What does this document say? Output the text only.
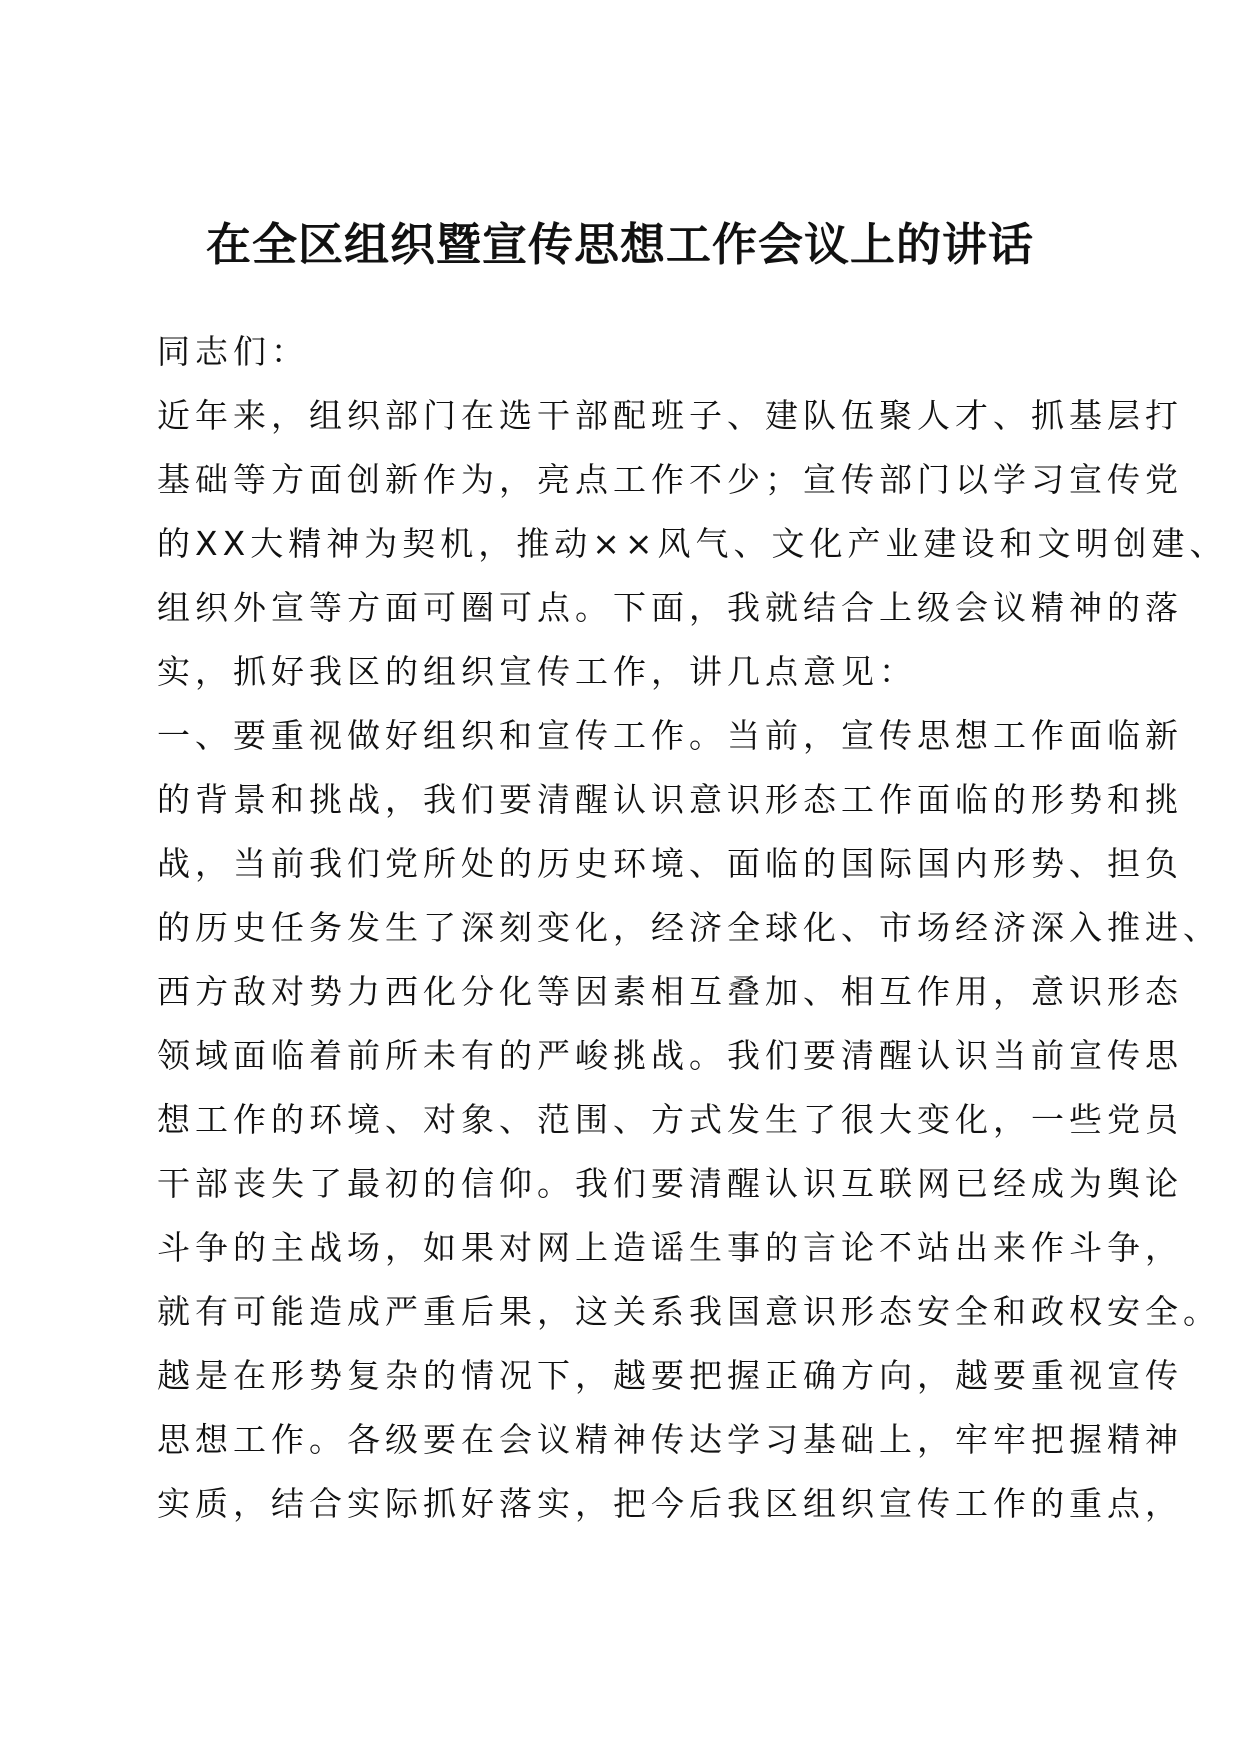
在全区组织暨宣传思想工作会议上的讲话
同志们：
近年来，组织部门在选干部配班子、建队伍聚人才、抓基层打
基础等方面创新作为，亮点工作不少；宣传部门以学习宣传党
的XX大精神为契机，推动××风气、文化产业建设和文明创建、
组织外宣等方面可圈可点。下面，我就结合上级会议精神的落
实，抓好我区的组织宣传工作，讲几点意见：
一、要重视做好组织和宣传工作。当前，宣传思想工作面临新
的背景和挑战，我们要清醒认识意识形态工作面临的形势和挑
战，当前我们党所处的历史环境、面临的国际国内形势、担负
的历史任务发生了深刻变化，经济全球化、市场经济深入推进、
西方敌对势力西化分化等因素相互叠加、相互作用，意识形态
领域面临着前所未有的严峻挑战。我们要清醒认识当前宣传思
想工作的环境、对象、范围、方式发生了很大变化，一些党员
干部丧失了最初的信仰。我们要清醒认识互联网已经成为舆论
斗争的主战场，如果对网上造谣生事的言论不站出来作斗争，
就有可能造成严重后果，这关系我国意识形态安全和政权安全。
越是在形势复杂的情况下，越要把握正确方向，越要重视宣传
思想工作。各级要在会议精神传达学习基础上，牢牢把握精神
实质，结合实际抓好落实，把今后我区组织宣传工作的重点，
